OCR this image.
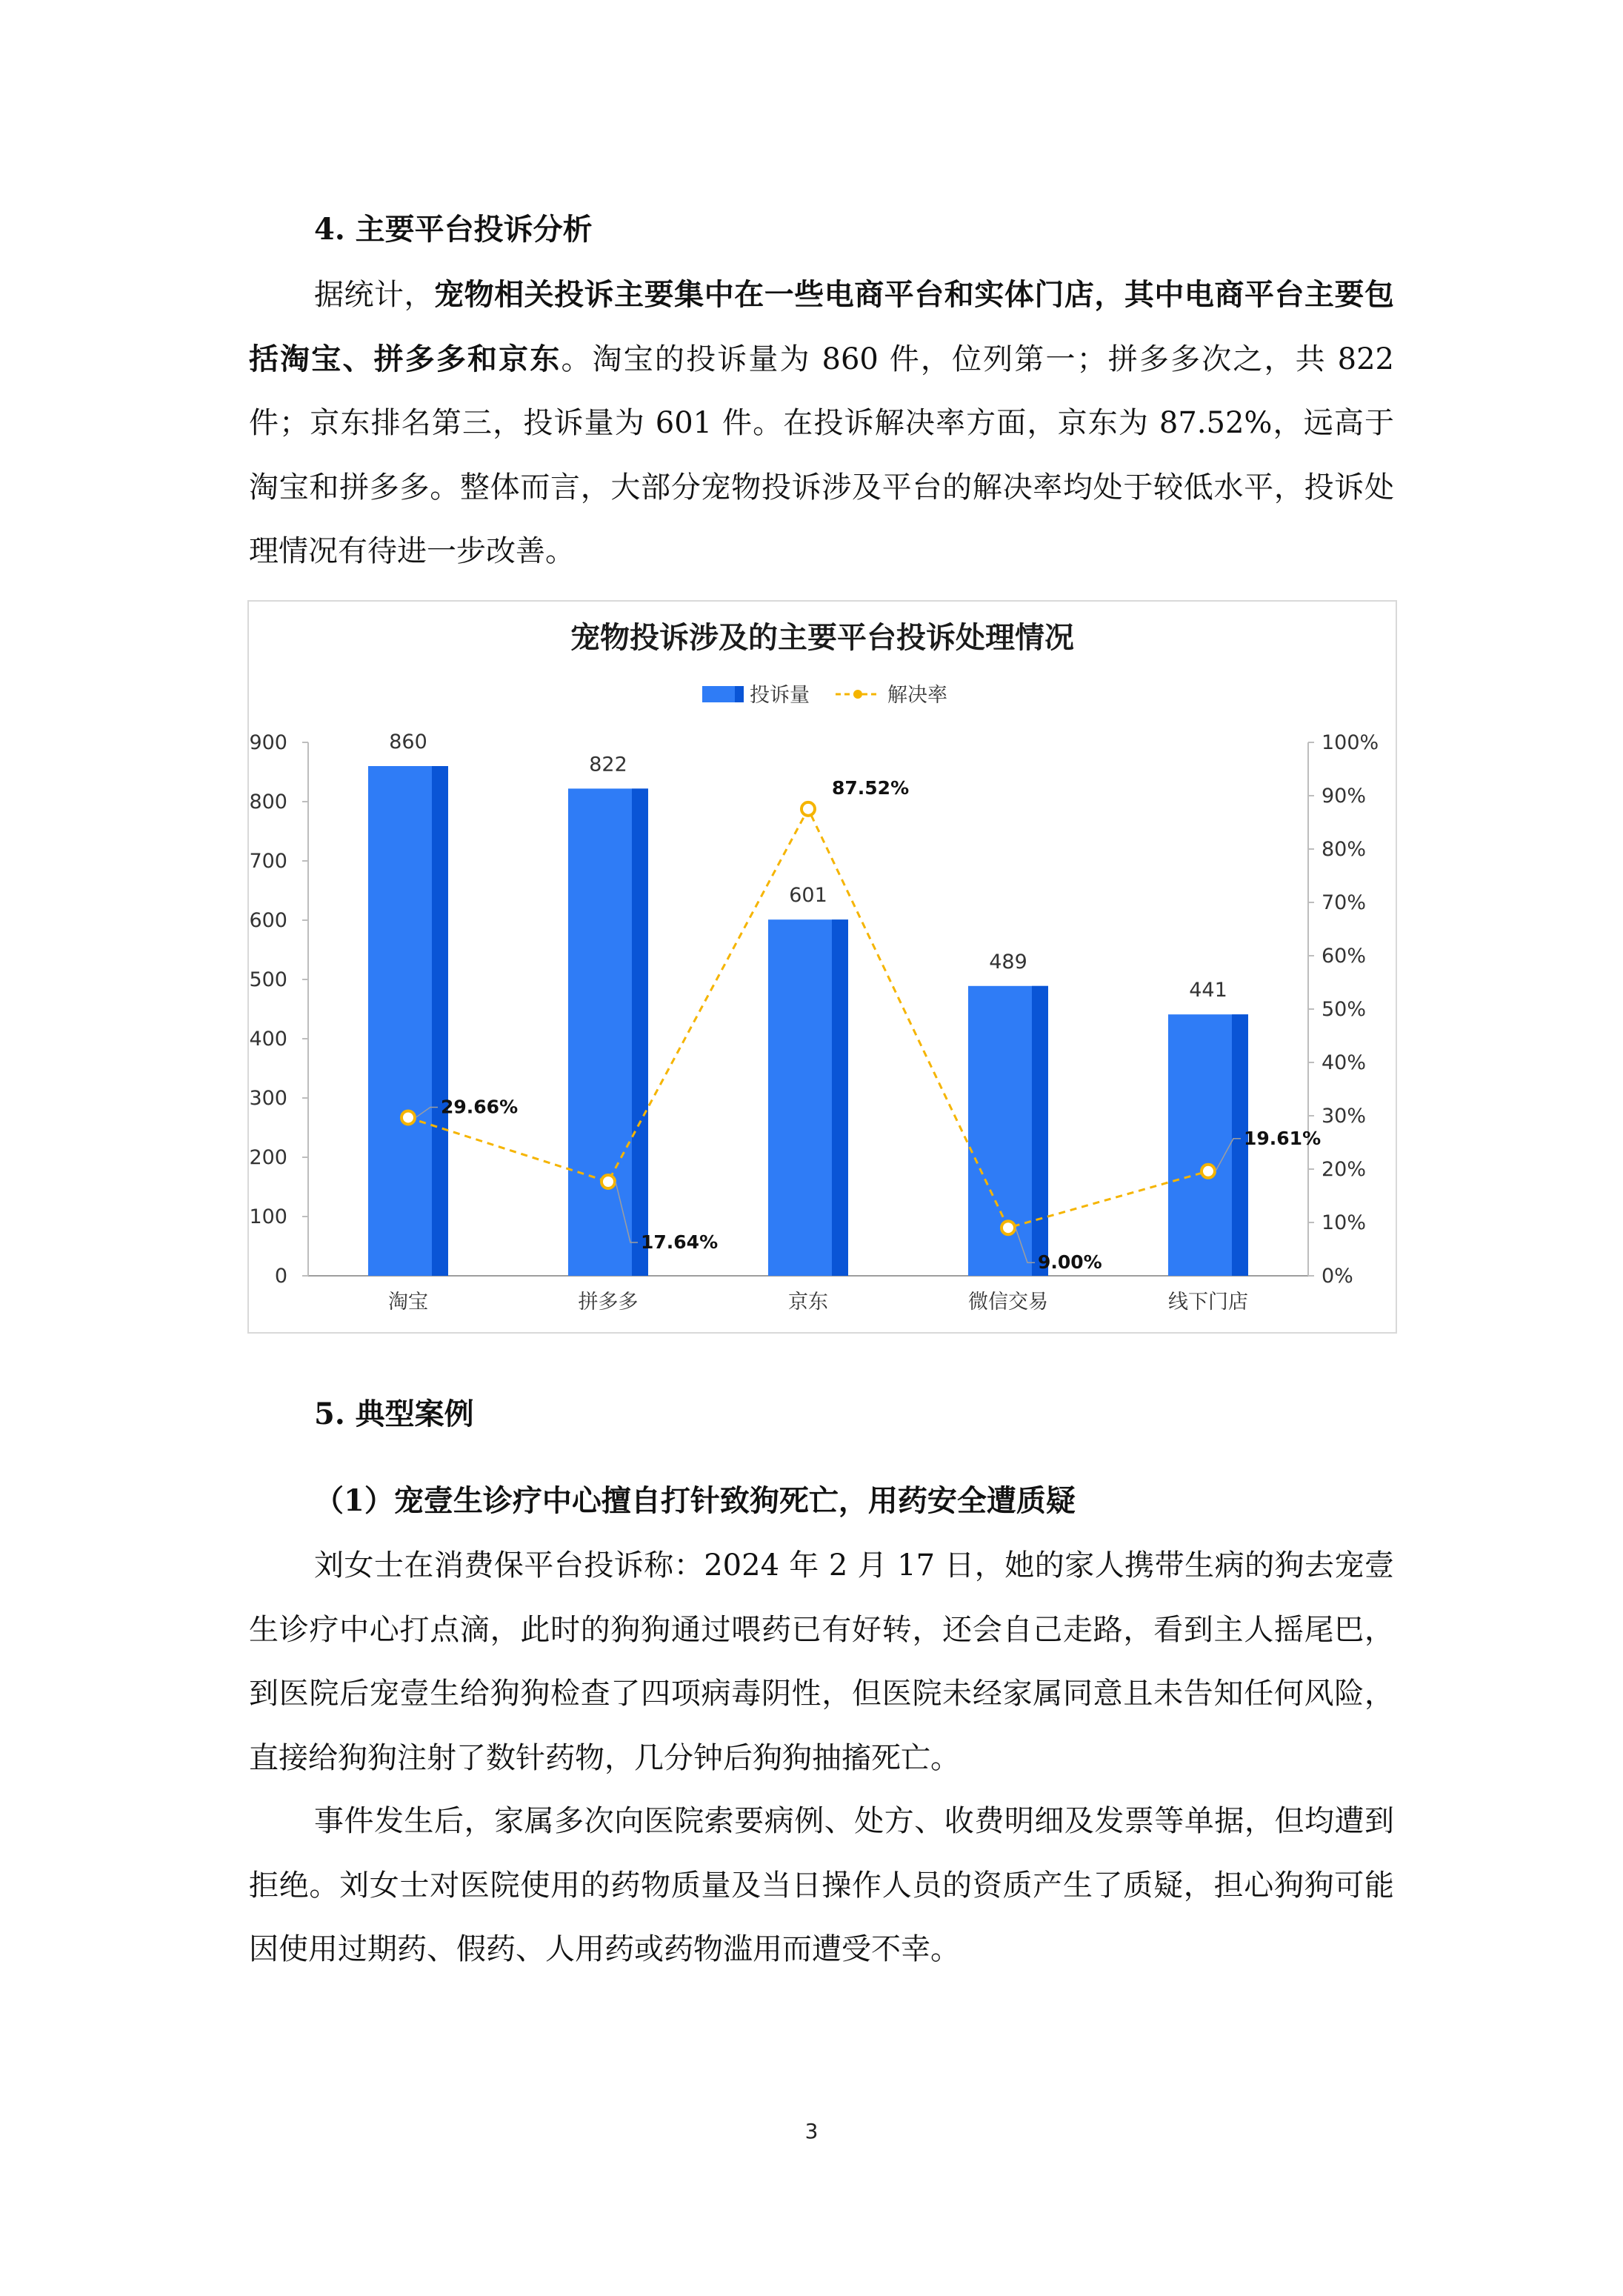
4. 主要平台投诉分析

据统计，宠物相关投诉主要集中在一些电商平台和实体门店，其中电商平台主要包括淘宝、拼多多和京东。淘宝的投诉量为 860 件，位列第一；拼多多次之，共 822 件；京东排名第三，投诉量为 601 件。在投诉解决率方面，京东为 87.52%，远高于淘宝和拼多多。整体而言，大部分宠物投诉涉及平台的解决率均处于较低水平，投诉处理情况有待进一步改善。

宠物投诉涉及的主要平台投诉处理情况
投诉量	解决率
0
100
200
300
400
500
600
700
800
900
0%
10%
20%
30%
40%
50%
60%
70%
80%
90%
100%
淘宝	拼多多	京东	微信交易	线下门店
860
822
601
489
441
29.66%
17.64%
87.52%
9.00%
19.61%
5. 典型案例
（1）宠壹生诊疗中心擅自打针致狗死亡，用药安全遭质疑

刘女士在消费保平台投诉称：2024 年 2 月 17 日，她的家人携带生病的狗去宠壹生诊疗中心打点滴，此时的狗狗通过喂药已有好转，还会自己走路，看到主人摇尾巴，到医院后宠壹生给狗狗检查了四项病毒阴性，但医院未经家属同意且未告知任何风险，直接给狗狗注射了数针药物，几分钟后狗狗抽搐死亡。

事件发生后，家属多次向医院索要病例、处方、收费明细及发票等单据，但均遭到拒绝。刘女士对医院使用的药物质量及当日操作人员的资质产生了质疑，担心狗狗可能因使用过期药、假药、人用药或药物滥用而遭受不幸。

3
